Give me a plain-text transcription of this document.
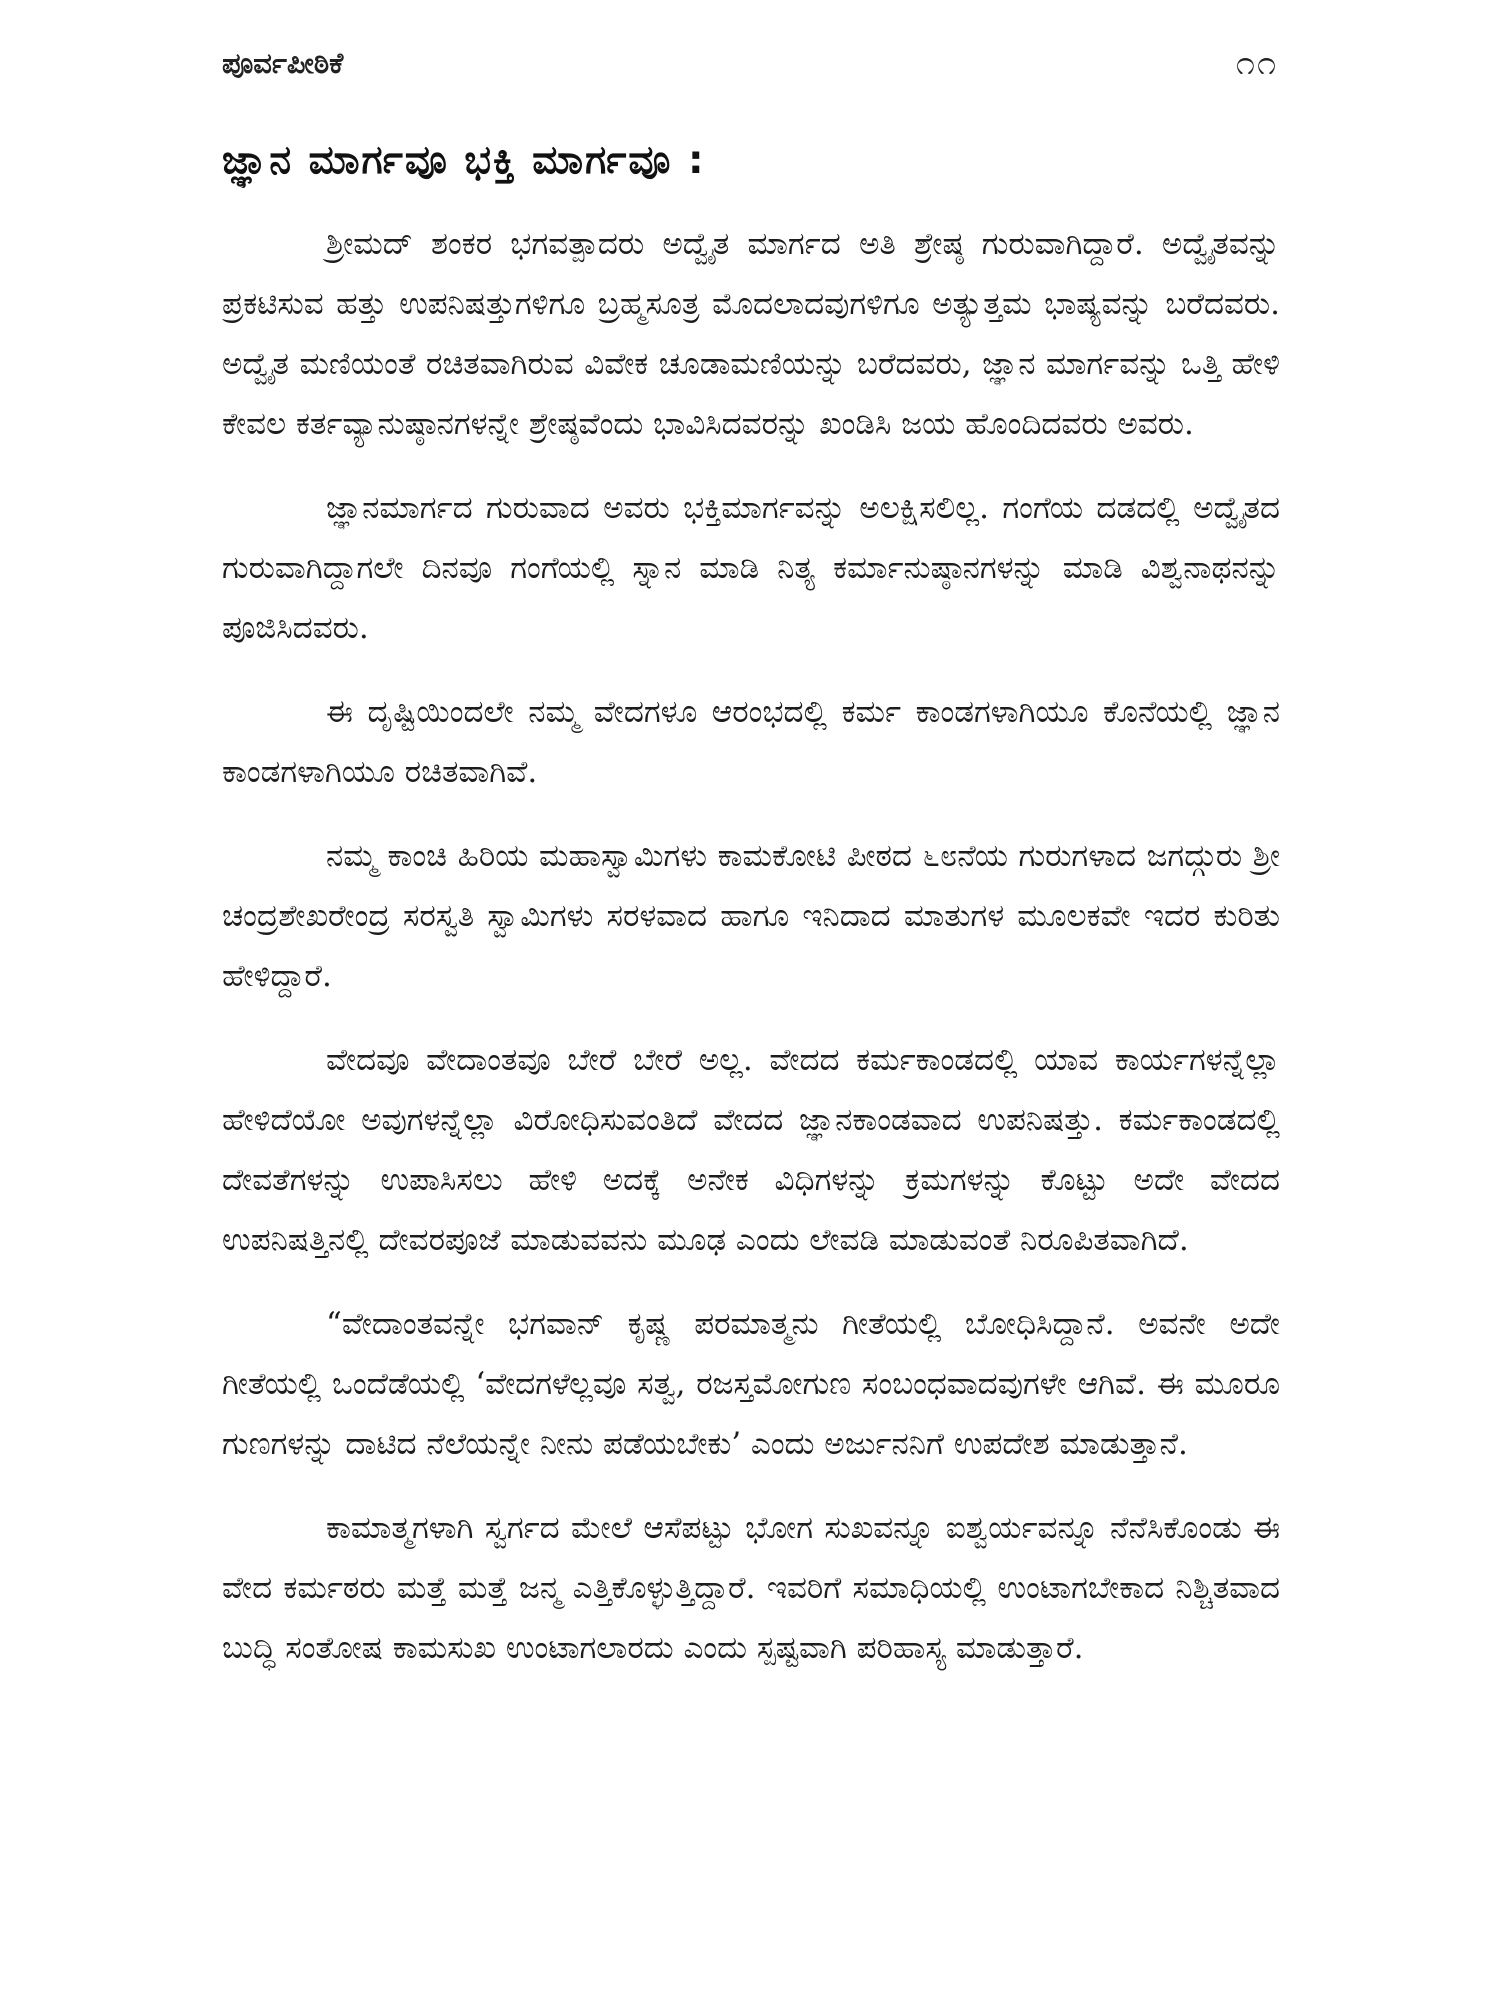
ಪೂರ್ವಪೀಠಿಕೆ	೧೧
ಜ್ಞಾನ ಮಾರ್ಗವೂ ಭಕ್ತಿ ಮಾರ್ಗವೂ :

ಶ್ರೀಮದ್ ಶಂಕರ ಭಗವತ್ಪಾದರು ಅದ್ವೈತ ಮಾರ್ಗದ ಅತಿ ಶ್ರೇಷ್ಠ ಗುರುವಾಗಿದ್ದಾರೆ. ಅದ್ವೈತವನ್ನು ಪ್ರಕಟಿಸುವ ಹತ್ತು ಉಪನಿಷತ್ತುಗಳಿಗೂ ಬ್ರಹ್ಮಸೂತ್ರ ಮೊದಲಾದವುಗಳಿಗೂ ಅತ್ಯುತ್ತಮ ಭಾಷ್ಯವನ್ನು ಬರೆದವರು. ಅದ್ವೈತ ಮಣಿಯಂತೆ ರಚಿತವಾಗಿರುವ ವಿವೇಕ ಚೂಡಾಮಣಿಯನ್ನು ಬರೆದವರು, ಜ್ಞಾನ ಮಾರ್ಗವನ್ನು ಒತ್ತಿ ಹೇಳಿ ಕೇವಲ ಕರ್ತವ್ಯಾನುಷ್ಠಾನಗಳನ್ನೇ ಶ್ರೇಷ್ಠವೆಂದು ಭಾವಿಸಿದವರನ್ನು ಖಂಡಿಸಿ ಜಯ ಹೊಂದಿದವರು ಅವರು.

ಜ್ಞಾನಮಾರ್ಗದ ಗುರುವಾದ ಅವರು ಭಕ್ತಿಮಾರ್ಗವನ್ನು ಅಲಕ್ಷಿಸಲಿಲ್ಲ. ಗಂಗೆಯ ದಡದಲ್ಲಿ ಅದ್ವೈತದ ಗುರುವಾಗಿದ್ದಾಗಲೇ ದಿನವೂ ಗಂಗೆಯಲ್ಲಿ ಸ್ನಾನ ಮಾಡಿ ನಿತ್ಯ ಕರ್ಮಾನುಷ್ಠಾನಗಳನ್ನು ಮಾಡಿ ವಿಶ್ವನಾಥನನ್ನು ಪೂಜಿಸಿದವರು.

ಈ ದೃಷ್ಟಿಯಿಂದಲೇ ನಮ್ಮ ವೇದಗಳೂ ಆರಂಭದಲ್ಲಿ ಕರ್ಮ ಕಾಂಡಗಳಾಗಿಯೂ ಕೊನೆಯಲ್ಲಿ ಜ್ಞಾನ ಕಾಂಡಗಳಾಗಿಯೂ ರಚಿತವಾಗಿವೆ.

ನಮ್ಮ ಕಾಂಚಿ ಹಿರಿಯ ಮಹಾಸ್ವಾಮಿಗಳು ಕಾಮಕೋಟಿ ಪೀಠದ ೬೮ನೆಯ ಗುರುಗಳಾದ ಜಗದ್ಗುರು ಶ್ರೀ ಚಂದ್ರಶೇಖರೇಂದ್ರ ಸರಸ್ವತಿ ಸ್ವಾಮಿಗಳು ಸರಳವಾದ ಹಾಗೂ ಇನಿದಾದ ಮಾತುಗಳ ಮೂಲಕವೇ ಇದರ ಕುರಿತು ಹೇಳಿದ್ದಾರೆ.

ವೇದವೂ ವೇದಾಂತವೂ ಬೇರೆ ಬೇರೆ ಅಲ್ಲ. ವೇದದ ಕರ್ಮಕಾಂಡದಲ್ಲಿ ಯಾವ ಕಾರ್ಯಗಳನ್ನೆಲ್ಲಾ ಹೇಳಿದೆಯೋ ಅವುಗಳನ್ನೆಲ್ಲಾ ವಿರೋಧಿಸುವಂತಿದೆ ವೇದದ ಜ್ಞಾನಕಾಂಡವಾದ ಉಪನಿಷತ್ತು. ಕರ್ಮಕಾಂಡದಲ್ಲಿ ದೇವತೆಗಳನ್ನು ಉಪಾಸಿಸಲು ಹೇಳಿ ಅದಕ್ಕೆ ಅನೇಕ ವಿಧಿಗಳನ್ನು ಕ್ರಮಗಳನ್ನು ಕೊಟ್ಟು ಅದೇ ವೇದದ ಉಪನಿಷತ್ತಿನಲ್ಲಿ ದೇವರಪೂಜೆ ಮಾಡುವವನು ಮೂಢ ಎಂದು ಲೇವಡಿ ಮಾಡುವಂತೆ ನಿರೂಪಿತವಾಗಿದೆ.

“ವೇದಾಂತವನ್ನೇ ಭಗವಾನ್ ಕೃಷ್ಣ ಪರಮಾತ್ಮನು ಗೀತೆಯಲ್ಲಿ ಬೋಧಿಸಿದ್ದಾನೆ. ಅವನೇ ಅದೇ ಗೀತೆಯಲ್ಲಿ ಒಂದೆಡೆಯಲ್ಲಿ ‘ವೇದಗಳೆಲ್ಲವೂ ಸತ್ವ, ರಜಸ್ತಮೋಗುಣ ಸಂಬಂಧವಾದವುಗಳೇ ಆಗಿವೆ. ಈ ಮೂರೂ ಗುಣಗಳನ್ನು ದಾಟಿದ ನೆಲೆಯನ್ನೇ ನೀನು ಪಡೆಯಬೇಕು’ ಎಂದು ಅರ್ಜುನನಿಗೆ ಉಪದೇಶ ಮಾಡುತ್ತಾನೆ.

ಕಾಮಾತ್ಮಗಳಾಗಿ ಸ್ವರ್ಗದ ಮೇಲೆ ಆಸೆಪಟ್ಟು ಭೋಗ ಸುಖವನ್ನೂ ಐಶ್ವರ್ಯವನ್ನೂ ನೆನೆಸಿಕೊಂಡು ಈ ವೇದ ಕರ್ಮಠರು ಮತ್ತೆ ಮತ್ತೆ ಜನ್ಮ ಎತ್ತಿಕೊಳ್ಳುತ್ತಿದ್ದಾರೆ. ಇವರಿಗೆ ಸಮಾಧಿಯಲ್ಲಿ ಉಂಟಾಗಬೇಕಾದ ನಿಶ್ಚಿತವಾದ ಬುದ್ಧಿ ಸಂತೋಷ ಕಾಮಸುಖ ಉಂಟಾಗಲಾರದು ಎಂದು ಸ್ಪಷ್ಟವಾಗಿ ಪರಿಹಾಸ್ಯ ಮಾಡುತ್ತಾರೆ.
